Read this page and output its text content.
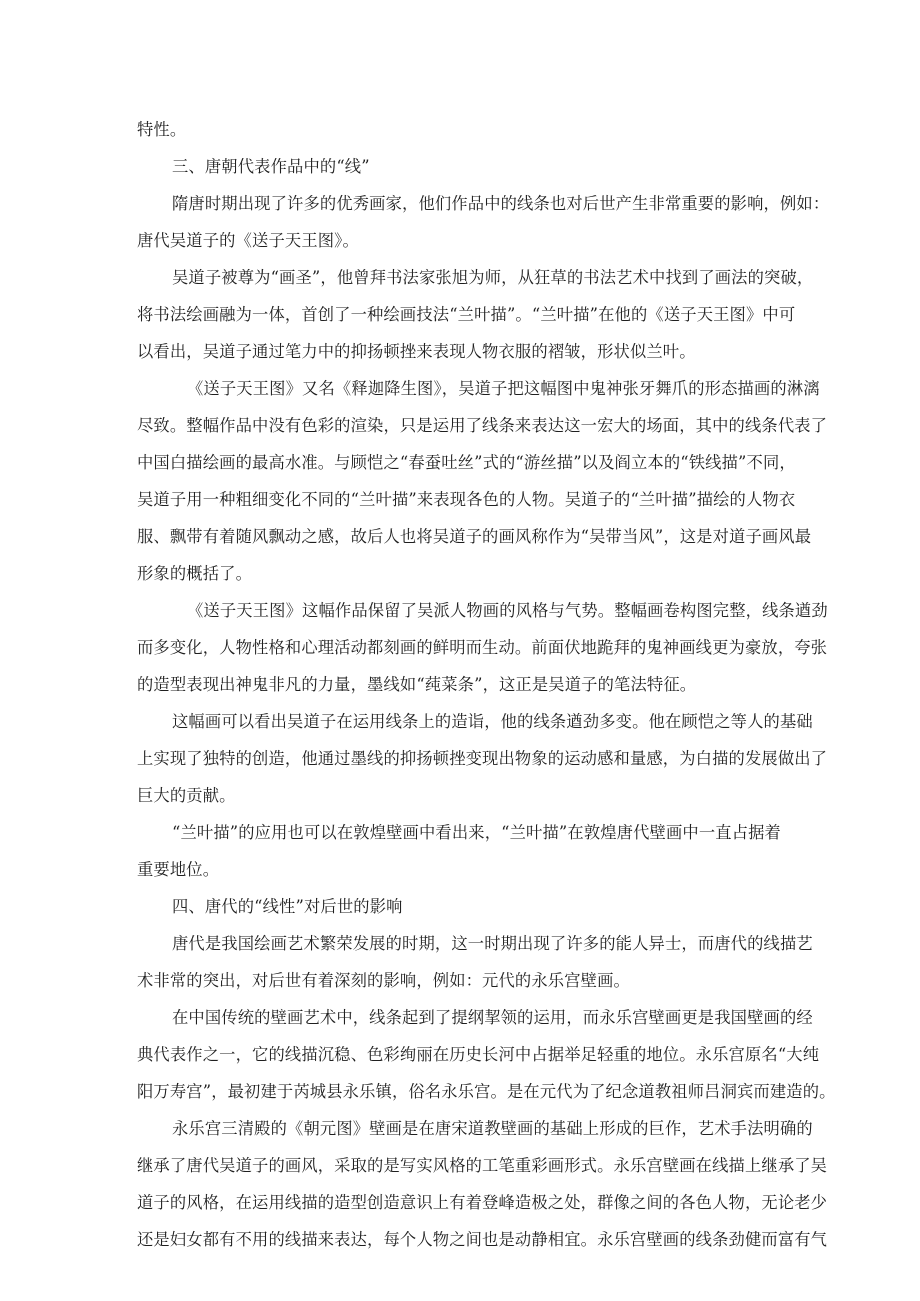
特性。
三、唐朝代表作品中的“线”
隋唐时期出现了许多的优秀画家，他们作品中的线条也对后世产生非常重要的影响，例如：
唐代吴道子的《送子天王图》。
吴道子被尊为“画圣”，他曾拜书法家张旭为师，从狂草的书法艺术中找到了画法的突破，
将书法绘画融为一体，首创了一种绘画技法“兰叶描”。“兰叶描”在他的《送子天王图》中可
以看出，吴道子通过笔力中的抑扬顿挫来表现人物衣服的褶皱，形状似兰叶。
《送子天王图》又名《释迦降生图》，吴道子把这幅图中鬼神张牙舞爪的形态描画的淋漓
尽致。整幅作品中没有色彩的渲染，只是运用了线条来表达这一宏大的场面，其中的线条代表了
中国白描绘画的最高水准。与顾恺之“春蚕吐丝”式的“游丝描”以及阎立本的“铁线描”不同，
吴道子用一种粗细变化不同的“兰叶描”来表现各色的人物。吴道子的“兰叶描”描绘的人物衣
服、飘带有着随风飘动之感，故后人也将吴道子的画风称作为“吴带当风”，这是对道子画风最
形象的概括了。
《送子天王图》这幅作品保留了吴派人物画的风格与气势。整幅画卷构图完整，线条遒劲
而多变化，人物性格和心理活动都刻画的鲜明而生动。前面伏地跪拜的鬼神画线更为豪放，夸张
的造型表现出神鬼非凡的力量，墨线如“莼菜条”，这正是吴道子的笔法特征。
这幅画可以看出吴道子在运用线条上的造诣，他的线条遒劲多变。他在顾恺之等人的基础
上实现了独特的创造，他通过墨线的抑扬顿挫变现出物象的运动感和量感，为白描的发展做出了
巨大的贡献。
“兰叶描”的应用也可以在敦煌壁画中看出来，“兰叶描”在敦煌唐代壁画中一直占据着
重要地位。
四、唐代的“线性”对后世的影响
唐代是我国绘画艺术繁荣发展的时期，这一时期出现了许多的能人异士，而唐代的线描艺
术非常的突出，对后世有着深刻的影响，例如：元代的永乐宫壁画。
在中国传统的壁画艺术中，线条起到了提纲挈领的运用，而永乐宫壁画更是我国壁画的经
典代表作之一，它的线描沉稳、色彩绚丽在历史长河中占据举足轻重的地位。永乐宫原名“大纯
阳万寿宫”，最初建于芮城县永乐镇，俗名永乐宫。是在元代为了纪念道教祖师吕洞宾而建造的。
永乐宫三清殿的《朝元图》壁画是在唐宋道教壁画的基础上形成的巨作，艺术手法明确的
继承了唐代吴道子的画风，采取的是写实风格的工笔重彩画形式。永乐宫壁画在线描上继承了吴
道子的风格，在运用线描的造型创造意识上有着登峰造极之处，群像之间的各色人物，无论老少
还是妇女都有不用的线描来表达，每个人物之间也是动静相宜。永乐宫壁画的线条劲健而富有气
